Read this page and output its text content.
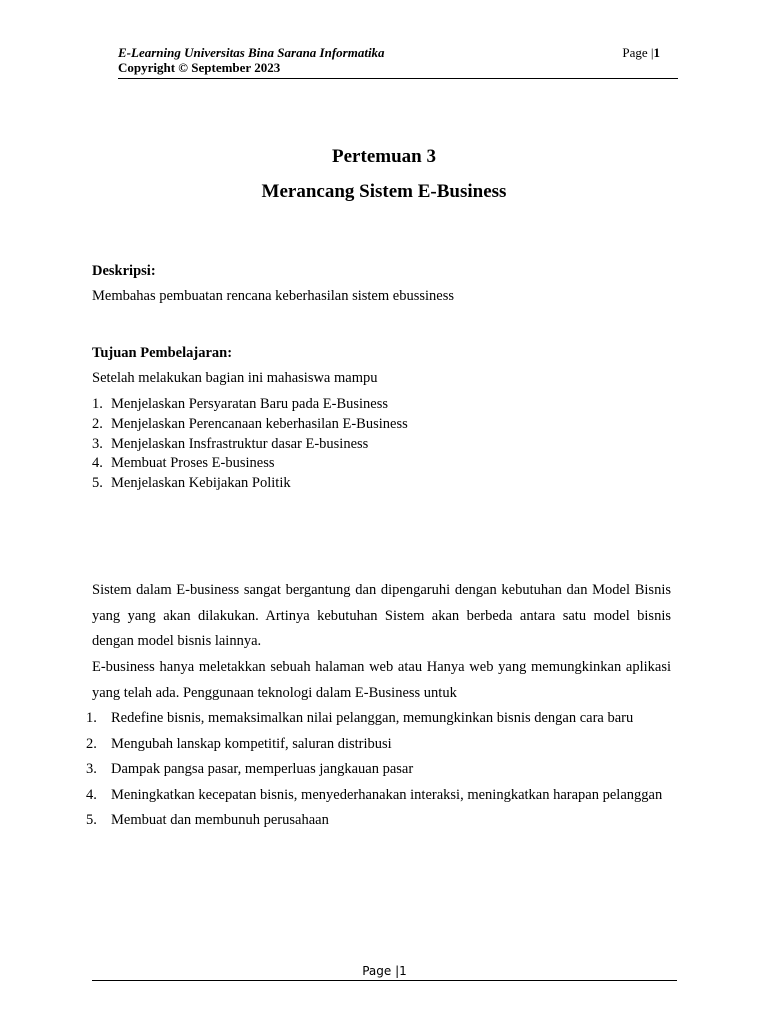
E-Learning Universitas Bina Sarana Informatika
Copyright © September 2023
Page |1
Pertemuan 3
Merancang Sistem E-Business
Deskripsi:
Membahas pembuatan rencana keberhasilan sistem ebussiness
Tujuan Pembelajaran:
Setelah melakukan bagian ini mahasiswa mampu
1. Menjelaskan Persyaratan Baru pada E-Business
2. Menjelaskan Perencanaan keberhasilan E-Business
3. Menjelaskan Insfrastruktur dasar E-business
4. Membuat Proses E-business
5. Menjelaskan Kebijakan Politik
Sistem dalam E-business sangat bergantung dan dipengaruhi dengan kebutuhan dan Model Bisnis yang yang akan dilakukan. Artinya kebutuhan Sistem akan berbeda antara satu model bisnis dengan model bisnis lainnya.
E-business hanya meletakkan sebuah halaman web atau Hanya web yang memungkinkan aplikasi yang telah ada. Penggunaan teknologi dalam E-Business untuk
1. Redefine bisnis, memaksimalkan nilai pelanggan, memungkinkan bisnis dengan cara baru
2. Mengubah lanskap kompetitif, saluran distribusi
3. Dampak pangsa pasar, memperluas jangkauan pasar
4. Meningkatkan kecepatan bisnis, menyederhanakan interaksi, meningkatkan harapan pelanggan
5. Membuat dan membunuh perusahaan
Page |1
